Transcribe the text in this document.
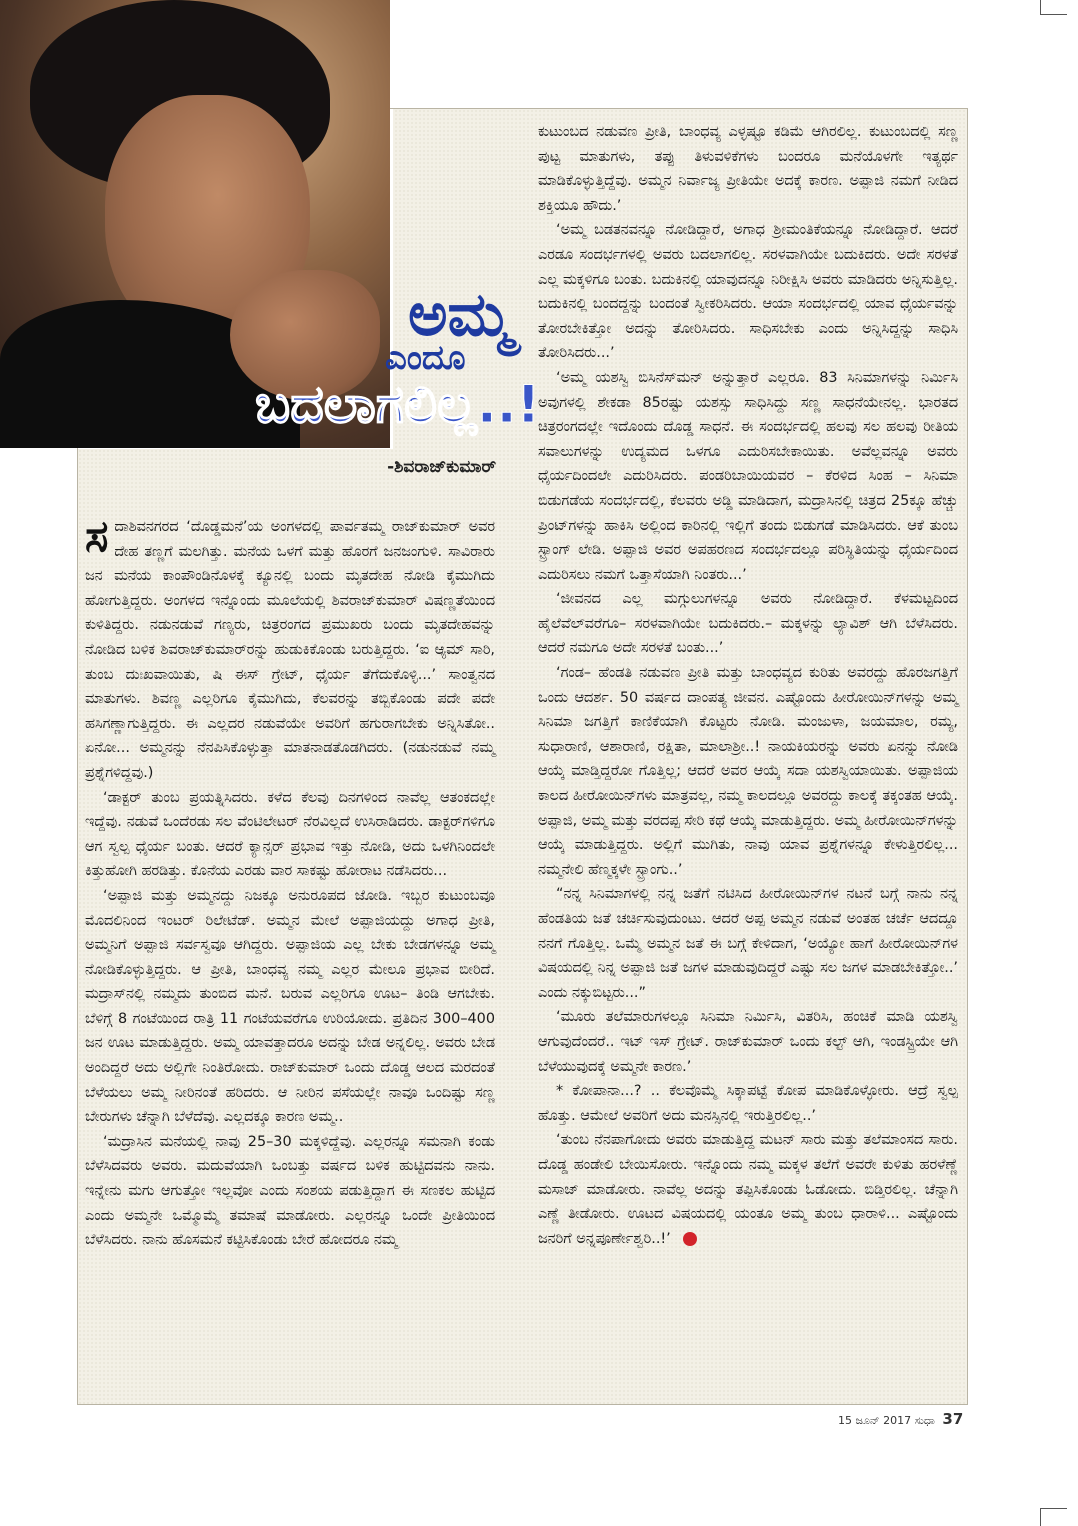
ಅಮ್ಮ
ಎಂದೂ
ಬದಲಾಗಲಿಲ್ಲ..!
-ಶಿವರಾಜ್‌ಕುಮಾರ್

ಸದಾಶಿವನಗರದ ‘ದೊಡ್ಡಮನೆ’ಯ ಅಂಗಳದಲ್ಲಿ ಪಾರ್ವತಮ್ಮ ರಾಜ್‌ಕುಮಾರ್ ಅವರ ದೇಹ ತಣ್ಣಗೆ ಮಲಗಿತ್ತು. ಮನೆಯ ಒಳಗೆ ಮತ್ತು ಹೊರಗೆ ಜನಜಂಗುಳಿ. ಸಾವಿರಾರು ಜನ ಮನೆಯ ಕಾಂಪೌಂಡಿನೊಳಕ್ಕೆ ಕ್ಯೂನಲ್ಲಿ ಬಂದು ಮೃತದೇಹ ನೋಡಿ ಕೈಮುಗಿದು ಹೋಗುತ್ತಿದ್ದರು. ಅಂಗಳದ ಇನ್ನೊಂದು ಮೂಲೆಯಲ್ಲಿ ಶಿವರಾಜ್‌ಕುಮಾರ್ ವಿಷಣ್ಣತೆಯಿಂದ ಕುಳಿತಿದ್ದರು. ನಡುನಡುವೆ ಗಣ್ಯರು, ಚಿತ್ರರಂಗದ ಪ್ರಮುಖರು ಬಂದು ಮೃತದೇಹವನ್ನು ನೋಡಿದ ಬಳಿಕ ಶಿವರಾಜ್‌ಕುಮಾರ್‌ರನ್ನು ಹುಡುಕಿಕೊಂಡು ಬರುತ್ತಿದ್ದರು. ‘ಐ ಆ್ಯಮ್ ಸಾರಿ, ತುಂಬ ದುಃಖವಾಯಿತು, ಷಿ ಈಸ್ ಗ್ರೇಟ್, ಧೈರ್ಯ ತೆಗೆದುಕೊಳ್ಳಿ...’ ಸಾಂತ್ವನದ ಮಾತುಗಳು. ಶಿವಣ್ಣ ಎಲ್ಲರಿಗೂ ಕೈಮುಗಿದು, ಕೆಲವರನ್ನು ತಬ್ಬಿಕೊಂಡು ಪದೇ ಪದೇ ಹಸಿಗಣ್ಣಾಗುತ್ತಿದ್ದರು. ಈ ಎಲ್ಲದರ ನಡುವೆಯೇ ಅವರಿಗೆ ಹಗುರಾಗಬೇಕು ಅನ್ನಿಸಿತೋ.. ಏನೋ... ಅಮ್ಮನನ್ನು ನೆನಪಿಸಿಕೊಳ್ಳುತ್ತಾ ಮಾತನಾಡತೊಡಗಿದರು. (ನಡುನಡುವೆ ನಮ್ಮ ಪ್ರಶ್ನೆಗಳಿದ್ದವು.)

‘ಡಾಕ್ಟರ್ ತುಂಬ ಪ್ರಯತ್ನಿಸಿದರು. ಕಳೆದ ಕೆಲವು ದಿನಗಳಿಂದ ನಾವೆಲ್ಲ ಆತಂಕದಲ್ಲೇ ಇದ್ದೆವು. ನಡುವೆ ಒಂದೆರಡು ಸಲ ವೆಂಟಿಲೇಟರ್ ನೆರವಿಲ್ಲದೆ ಉಸಿರಾಡಿದರು. ಡಾಕ್ಟರ್‌ಗಳಿಗೂ ಆಗ ಸ್ವಲ್ಪ ಧೈರ್ಯ ಬಂತು. ಆದರೆ ಕ್ಯಾನ್ಸರ್ ಪ್ರಭಾವ ಇತ್ತು ನೋಡಿ, ಅದು ಒಳಗಿನಿಂದಲೇ ಕಿತ್ತುಹೋಗಿ ಹರಡಿತ್ತು. ಕೊನೆಯ ಎರಡು ವಾರ ಸಾಕಷ್ಟು ಹೋರಾಟ ನಡೆಸಿದರು...

‘ಅಪ್ಪಾಜಿ ಮತ್ತು ಅಮ್ಮನದ್ದು ನಿಜಕ್ಕೂ ಅನುರೂಪದ ಜೋಡಿ. ಇಬ್ಬರ ಕುಟುಂಬವೂ ಮೊದಲಿನಿಂದ ಇಂಟರ್ ರಿಲೇಟೆಡ್. ಅಮ್ಮನ ಮೇಲೆ ಅಪ್ಪಾಜಿಯದ್ದು ಅಗಾಧ ಪ್ರೀತಿ, ಅಮ್ಮನಿಗೆ ಅಪ್ಪಾಜಿ ಸರ್ವಸ್ವವೂ ಆಗಿದ್ದರು. ಅಪ್ಪಾಜಿಯ ಎಲ್ಲ ಬೇಕು ಬೇಡಗಳನ್ನೂ ಅಮ್ಮ ನೋಡಿಕೊಳ್ಳುತ್ತಿದ್ದರು. ಆ ಪ್ರೀತಿ, ಬಾಂಧವ್ಯ ನಮ್ಮ ಎಲ್ಲರ ಮೇಲೂ ಪ್ರಭಾವ ಬೀರಿದೆ. ಮದ್ರಾಸ್‌ನಲ್ಲಿ ನಮ್ಮದು ತುಂಬಿದ ಮನೆ. ಬರುವ ಎಲ್ಲರಿಗೂ ಊಟ– ತಿಂಡಿ ಆಗಬೇಕು. ಬೆಳಿಗ್ಗೆ 8 ಗಂಟೆಯಿಂದ ರಾತ್ರಿ 11 ಗಂಟೆಯವರೆಗೂ ಉರಿಯೋದು. ಪ್ರತಿದಿನ 300–400 ಜನ ಊಟ ಮಾಡುತ್ತಿದ್ದರು. ಅಮ್ಮ ಯಾವತ್ತಾದರೂ ಅದನ್ನು ಬೇಡ ಅನ್ನಲಿಲ್ಲ. ಅವರು ಬೇಡ ಅಂದಿದ್ದರೆ ಅದು ಅಲ್ಲಿಗೇ ನಿಂತಿರೋದು. ರಾಜ್‌ಕುಮಾರ್ ಒಂದು ದೊಡ್ಡ ಆಲದ ಮರದಂತೆ ಬೆಳೆಯಲು ಅಮ್ಮ ನೀರಿನಂತೆ ಹರಿದರು. ಆ ನೀರಿನ ಪಸೆಯಲ್ಲೇ ನಾವೂ ಒಂದಿಷ್ಟು ಸಣ್ಣ ಬೇರುಗಳು ಚೆನ್ನಾಗಿ ಬೆಳೆದೆವು. ಎಲ್ಲದಕ್ಕೂ ಕಾರಣ ಅಮ್ಮ..

‘ಮದ್ರಾಸಿನ ಮನೆಯಲ್ಲಿ ನಾವು 25–30 ಮಕ್ಕಳಿದ್ದೆವು. ಎಲ್ಲರನ್ನೂ ಸಮನಾಗಿ ಕಂಡು ಬೆಳೆಸಿದವರು ಅವರು. ಮದುವೆಯಾಗಿ ಒಂಬತ್ತು ವರ್ಷದ ಬಳಿಕ ಹುಟ್ಟಿದವನು ನಾನು. ಇನ್ನೇನು ಮಗು ಆಗುತ್ತೋ ಇಲ್ಲವೋ ಎಂದು ಸಂಶಯ ಪಡುತ್ತಿದ್ದಾಗ ಈ ಸಣಕಲ ಹುಟ್ಟಿದ ಎಂದು ಅಮ್ಮನೇ ಒಮ್ಮೊಮ್ಮೆ ತಮಾಷೆ ಮಾಡೋರು. ಎಲ್ಲರನ್ನೂ ಒಂದೇ ಪ್ರೀತಿಯಿಂದ ಬೆಳೆಸಿದರು. ನಾನು ಹೊಸಮನೆ ಕಟ್ಟಿಸಿಕೊಂಡು ಬೇರೆ ಹೋದರೂ ನಮ್ಮ

ಕುಟುಂಬದ ನಡುವಣ ಪ್ರೀತಿ, ಬಾಂಧವ್ಯ ಎಳ್ಳಷ್ಟೂ ಕಡಿಮೆ ಆಗಿರಲಿಲ್ಲ. ಕುಟುಂಬದಲ್ಲಿ ಸಣ್ಣ ಪುಟ್ಟ ಮಾತುಗಳು, ತಪ್ಪು ತಿಳುವಳಿಕೆಗಳು ಬಂದರೂ ಮನೆಯೊಳಗೇ ಇತ್ಯರ್ಥ ಮಾಡಿಕೊಳ್ಳುತ್ತಿದ್ದೆವು. ಅಮ್ಮನ ನಿರ್ವಾಜ್ಯ ಪ್ರೀತಿಯೇ ಅದಕ್ಕೆ ಕಾರಣ. ಅಪ್ಪಾಜಿ ನಮಗೆ ನೀಡಿದ ಶಕ್ತಿಯೂ ಹೌದು.’

‘ಅಮ್ಮ ಬಡತನವನ್ನೂ ನೋಡಿದ್ದಾರೆ, ಅಗಾಧ ಶ್ರೀಮಂತಿಕೆಯನ್ನೂ ನೋಡಿದ್ದಾರೆ. ಆದರೆ ಎರಡೂ ಸಂದರ್ಭಗಳಲ್ಲಿ ಅವರು ಬದಲಾಗಲಿಲ್ಲ. ಸರಳವಾಗಿಯೇ ಬದುಕಿದರು. ಅದೇ ಸರಳತೆ ಎಲ್ಲ ಮಕ್ಕಳಿಗೂ ಬಂತು. ಬದುಕಿನಲ್ಲಿ ಯಾವುದನ್ನೂ ನಿರೀಕ್ಷಿಸಿ ಅವರು ಮಾಡಿದರು ಅನ್ನಿಸುತ್ತಿಲ್ಲ. ಬದುಕಿನಲ್ಲಿ ಬಂದದ್ದನ್ನು ಬಂದಂತೆ ಸ್ವೀಕರಿಸಿದರು. ಆಯಾ ಸಂದರ್ಭದಲ್ಲಿ ಯಾವ ಧೈರ್ಯವನ್ನು ತೋರಬೇಕಿತ್ತೋ ಅದನ್ನು ತೋರಿಸಿದರು. ಸಾಧಿಸಬೇಕು ಎಂದು ಅನ್ನಿಸಿದ್ದನ್ನು ಸಾಧಿಸಿ ತೋರಿಸಿದರು...’

‘ಅಮ್ಮ ಯಶಸ್ವಿ ಬಿಸಿನೆಸ್‌ಮನ್ ಅನ್ನುತ್ತಾರೆ ಎಲ್ಲರೂ. 83 ಸಿನಿಮಾಗಳನ್ನು ನಿರ್ಮಿಸಿ ಅವುಗಳಲ್ಲಿ ಶೇಕಡಾ 85ರಷ್ಟು ಯಶಸ್ಸು ಸಾಧಿಸಿದ್ದು ಸಣ್ಣ ಸಾಧನೆಯೇನಲ್ಲ. ಭಾರತದ ಚಿತ್ರರಂಗದಲ್ಲೇ ಇದೊಂದು ದೊಡ್ಡ ಸಾಧನೆ. ಈ ಸಂದರ್ಭದಲ್ಲಿ ಹಲವು ಸಲ ಹಲವು ರೀತಿಯ ಸವಾಲುಗಳನ್ನು ಉದ್ಯಮದ ಒಳಗೂ ಎದುರಿಸಬೇಕಾಯಿತು. ಅವೆಲ್ಲವನ್ನೂ ಅವರು ಧೈರ್ಯದಿಂದಲೇ ಎದುರಿಸಿದರು. ಪಂಡರಿಬಾಯಿಯವರ – ಕೆರಳಿದ ಸಿಂಹ – ಸಿನಿಮಾ ಬಿಡುಗಡೆಯ ಸಂದರ್ಭದಲ್ಲಿ, ಕೆಲವರು ಅಡ್ಡಿ ಮಾಡಿದಾಗ, ಮದ್ರಾಸಿನಲ್ಲಿ ಚಿತ್ರದ 25ಕ್ಕೂ ಹೆಚ್ಚು ಪ್ರಿಂಟ್‌ಗಳನ್ನು ಹಾಕಿಸಿ ಅಲ್ಲಿಂದ ಕಾರಿನಲ್ಲಿ ಇಲ್ಲಿಗೆ ತಂದು ಬಿಡುಗಡೆ ಮಾಡಿಸಿದರು. ಆಕೆ ತುಂಬ ಸ್ಟ್ರಾಂಗ್ ಲೇಡಿ. ಅಪ್ಪಾಜಿ ಅವರ ಅಪಹರಣದ ಸಂದರ್ಭದಲ್ಲೂ ಪರಿಸ್ಥಿತಿಯನ್ನು ಧೈರ್ಯದಿಂದ ಎದುರಿಸಲು ನಮಗೆ ಒತ್ತಾಸೆಯಾಗಿ ನಿಂತರು...’

‘ಜೀವನದ ಎಲ್ಲ ಮಗ್ಗುಲುಗಳನ್ನೂ ಅವರು ನೋಡಿದ್ದಾರೆ. ಕೆಳಮಟ್ಟದಿಂದ ಹೈಲೆವೆಲ್‌ವರೆಗೂ– ಸರಳವಾಗಿಯೇ ಬದುಕಿದರು.– ಮಕ್ಕಳನ್ನು ಲ್ಯಾವಿಶ್ ಆಗಿ ಬೆಳೆಸಿದರು. ಆದರೆ ನಮಗೂ ಅದೇ ಸರಳತೆ ಬಂತು...’

‘ಗಂಡ– ಹೆಂಡತಿ ನಡುವಣ ಪ್ರೀತಿ ಮತ್ತು ಬಾಂಧವ್ಯದ ಕುರಿತು ಅವರದ್ದು ಹೊರಜಗತ್ತಿಗೆ ಒಂದು ಆದರ್ಶ. 50 ವರ್ಷದ ದಾಂಪತ್ಯ ಜೀವನ. ಎಷ್ಟೊಂದು ಹೀರೋಯಿನ್‌ಗಳನ್ನು ಅಮ್ಮ ಸಿನಿಮಾ ಜಗತ್ತಿಗೆ ಕಾಣಿಕೆಯಾಗಿ ಕೊಟ್ಟರು ನೋಡಿ. ಮಂಜುಳಾ, ಜಯಮಾಲ, ರಮ್ಯ, ಸುಧಾರಾಣಿ, ಆಶಾರಾಣಿ, ರಕ್ಷಿತಾ, ಮಾಲಾಶ್ರೀ..! ನಾಯಕಿಯರನ್ನು ಅವರು ಏನನ್ನು ನೋಡಿ ಆಯ್ಕೆ ಮಾಡ್ತಿದ್ದರೋ ಗೊತ್ತಿಲ್ಲ; ಆದರೆ ಅವರ ಆಯ್ಕೆ ಸದಾ ಯಶಸ್ವಿಯಾಯಿತು. ಅಪ್ಪಾಜಿಯ ಕಾಲದ ಹೀರೋಯಿನ್‌ಗಳು ಮಾತ್ರವಲ್ಲ, ನಮ್ಮ ಕಾಲದಲ್ಲೂ ಅವರದ್ದು ಕಾಲಕ್ಕೆ ತಕ್ಕಂತಹ ಆಯ್ಕೆ. ಅಪ್ಪಾಜಿ, ಅಮ್ಮ ಮತ್ತು ವರದಪ್ಪ ಸೇರಿ ಕಥೆ ಆಯ್ಕೆ ಮಾಡುತ್ತಿದ್ದರು. ಅಮ್ಮ ಹೀರೋಯಿನ್‌ಗಳನ್ನು ಆಯ್ಕೆ ಮಾಡುತ್ತಿದ್ದರು. ಅಲ್ಲಿಗೆ ಮುಗಿತು, ನಾವು ಯಾವ ಪ್ರಶ್ನೆಗಳನ್ನೂ ಕೇಳುತ್ತಿರಲಿಲ್ಲ... ನಮ್ಮನೇಲಿ ಹೆಣ್ಮಕ್ಕಳೇ ಸ್ಟ್ರಾಂಗು..’

“ನನ್ನ ಸಿನಿಮಾಗಳಲ್ಲಿ ನನ್ನ ಜತೆಗೆ ನಟಿಸಿದ ಹೀರೋಯಿನ್‌ಗಳ ನಟನೆ ಬಗ್ಗೆ ನಾನು ನನ್ನ ಹೆಂಡತಿಯ ಜತೆ ಚರ್ಚಿಸುವುದುಂಟು. ಆದರೆ ಅಪ್ಪ ಅಮ್ಮನ ನಡುವೆ ಅಂತಹ ಚರ್ಚೆ ಆದದ್ದೂ ನನಗೆ ಗೊತ್ತಿಲ್ಲ. ಒಮ್ಮೆ ಅಮ್ಮನ ಜತೆ ಈ ಬಗ್ಗೆ ಕೇಳಿದಾಗ, ‘ಅಯ್ಯೋ ಹಾಗೆ ಹೀರೋಯಿನ್‌ಗಳ ವಿಷಯದಲ್ಲಿ ನಿನ್ನ ಅಪ್ಪಾಜಿ ಜತೆ ಜಗಳ ಮಾಡುವುದಿದ್ದರೆ ಎಷ್ಟು ಸಲ ಜಗಳ ಮಾಡಬೇಕಿತ್ತೋ..’ ಎಂದು ನಕ್ಕುಬಿಟ್ಟರು...”

‘ಮೂರು ತಲೆಮಾರುಗಳಲ್ಲೂ ಸಿನಿಮಾ ನಿರ್ಮಿಸಿ, ವಿತರಿಸಿ, ಹಂಚಿಕೆ ಮಾಡಿ ಯಶಸ್ವಿ ಆಗುವುದೆಂದರೆ.. ಇಟ್ ಇಸ್ ಗ್ರೇಟ್. ರಾಜ್‌ಕುಮಾರ್ ಒಂದು ಕಲ್ಟ್ ಆಗಿ, ಇಂಡಸ್ಟ್ರಿಯೇ ಆಗಿ ಬೆಳೆಯುವುದಕ್ಕೆ ಅಮ್ಮನೇ ಕಾರಣ.’

* ಕೋಪಾನಾ...? .. ಕೆಲವೊಮ್ಮೆ ಸಿಕ್ಕಾಪಟ್ಟೆ ಕೋಪ ಮಾಡಿಕೊಳ್ಳೋರು. ಆದ್ರೆ ಸ್ವಲ್ಪ ಹೊತ್ತು. ಆಮೇಲೆ ಅವರಿಗೆ ಅದು ಮನಸ್ಸಿನಲ್ಲಿ ಇರುತ್ತಿರಲಿಲ್ಲ..’

‘ತುಂಬ ನೆನಪಾಗೋದು ಅವರು ಮಾಡುತ್ತಿದ್ದ ಮಟನ್ ಸಾರು ಮತ್ತು ತಲೆಮಾಂಸದ ಸಾರು. ದೊಡ್ಡ ಹಂಡೇಲಿ ಬೇಯಿಸೋರು. ಇನ್ನೊಂದು ನಮ್ಮ ಮಕ್ಕಳ ತಲೆಗೆ ಅವರೇ ಕುಳಿತು ಹರಳೆಣ್ಣೆ ಮಸಾಜ್ ಮಾಡೋರು. ನಾವೆಲ್ಲ ಅದನ್ನು ತಪ್ಪಿಸಿಕೊಂಡು ಓಡೋದು. ಬಿಡ್ತಿರಲಿಲ್ಲ. ಚೆನ್ನಾಗಿ ಎಣ್ಣೆ ತೀಡೋರು. ಊಟದ ವಿಷಯದಲ್ಲಿ ಯಂತೂ ಅಮ್ಮ ತುಂಬ ಧಾರಾಳಿ... ಎಷ್ಟೊಂದು ಜನರಿಗೆ ಅನ್ನಪೂರ್ಣೇಶ್ವರಿ..!’

15 ಜೂನ್ 2017 ಸುಧಾ 37
